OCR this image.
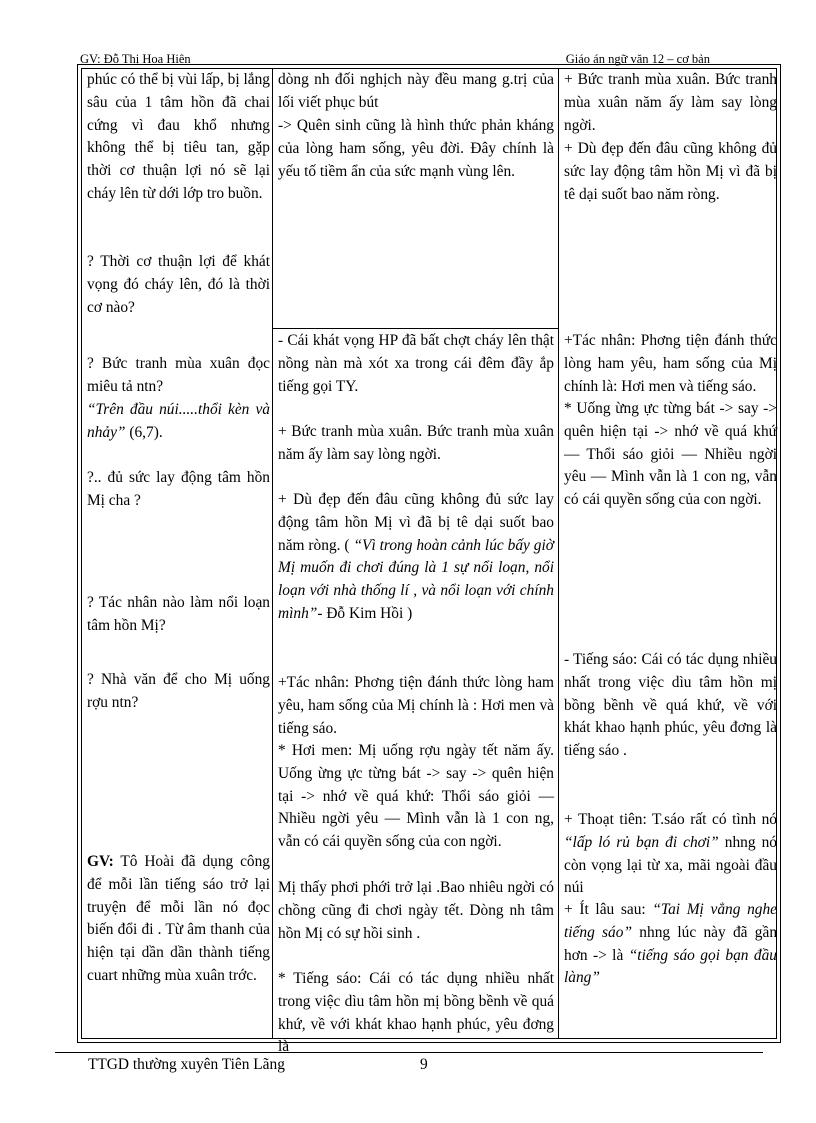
GV: Đỗ Thị Hoa Hiên	Giáo án ngữ văn 12 – cơ bản

phúc có thể bị vùi lấp, bị lắng sâu của 1 tâm hồn đã chai cứng vì đau khổ nhưng không thể bị tiêu tan, gặp thời cơ thuận lợi nó sẽ lại cháy lên từ dới lớp tro buồn.

? Thời cơ thuận lợi để khát vọng đó cháy lên, đó là thời cơ nào?

? Bức tranh mùa xuân đọc miêu tả ntn?

“Trên đầu núi.....thổi kèn và nhảy” (6,7).

?.. đủ sức lay động tâm hồn Mị cha ?

? Tác nhân nào làm nổi loạn tâm hồn Mị?

? Nhà văn để cho Mị uống rợu ntn?

GV: Tô Hoài đã dụng công để mỗi lần tiếng sáo trở lại truyện để mỗi lần nó đọc biến đổi đi . Từ âm thanh của hiện tại dần dần thành tiếng cuart những mùa xuân trớc.

dòng nh đối nghịch này đều mang g.trị của lối viết phục bút

-> Quên sinh cũng là hình thức phản kháng của lòng ham sống, yêu đời. Đây chính là yếu tố tiềm ẩn của sức mạnh vùng lên.

- Cái khát vọng HP đã bất chợt cháy lên thật nồng nàn mà xót xa trong cái đêm đầy ắp tiếng gọi TY.

+ Bức tranh mùa xuân. Bức tranh mùa xuân năm ấy làm say lòng ngời.

+ Dù đẹp đến đâu cũng không đủ sức lay động tâm hồn Mị vì đã bị tê dại suốt bao năm ròng. ( “Vì trong hoàn cảnh lúc bấy giờ Mị muốn đi chơi đúng là 1 sự nổi loạn, nổi loạn với nhà thống lí , và nổi loạn với chính mình”- Đỗ Kim Hồi )

+Tác nhân: Phơng tiện đánh thức lòng ham yêu, ham sống của Mị chính là : Hơi men và tiếng sáo.

* Hơi men: Mị uống rợu ngày tết năm ấy. Uống ừng ực từng bát -> say -> quên hiện tại -> nhớ về quá khứ: Thổi sáo giỏi — Nhiều ngời yêu — Mình vẫn là 1 con ng, vẫn có cái quyền sống của con ngời.

Mị thấy phơi phới trở lại .Bao nhiêu ngời có chồng cũng đi chơi ngày tết. Dòng nh tâm hồn Mị có sự hồi sinh .

* Tiếng sáo: Cái có tác dụng nhiều nhất trong việc dìu tâm hồn mị bồng bềnh về quá khứ, về với khát khao hạnh phúc, yêu đơng là

+ Bức tranh mùa xuân. Bức tranh mùa xuân năm ấy làm say lòng ngời.

+ Dù đẹp đến đâu cũng không đủ sức lay động tâm hồn Mị vì đã bị tê dại suốt bao năm ròng.

+Tác nhân: Phơng tiện đánh thức lòng ham yêu, ham sống của Mị chính là: Hơi men và tiếng sáo.

* Uống ừng ực từng bát -> say -> quên hiện tại -> nhớ về quá khứ — Thổi sáo giỏi — Nhiều ngời yêu — Mình vẫn là 1 con ng, vẫn có cái quyền sống của con ngời.

- Tiếng sáo: Cái có tác dụng nhiều nhất trong việc dìu tâm hồn mị bồng bềnh về quá khứ, về với khát khao hạnh phúc, yêu đơng là tiếng sáo .

+ Thoạt tiên: T.sáo rất có tình nó “lấp ló rủ bạn đi chơi” nhng nó còn vọng lại từ xa, mãi ngoài đầu núi

+ Ít lâu sau: “Tai Mị vẳng nghe tiếng sáo” nhng lúc này đã gần hơn -> là “tiếng sáo gọi bạn đầu làng”

TTGD thường xuyên Tiên Lãng	9
